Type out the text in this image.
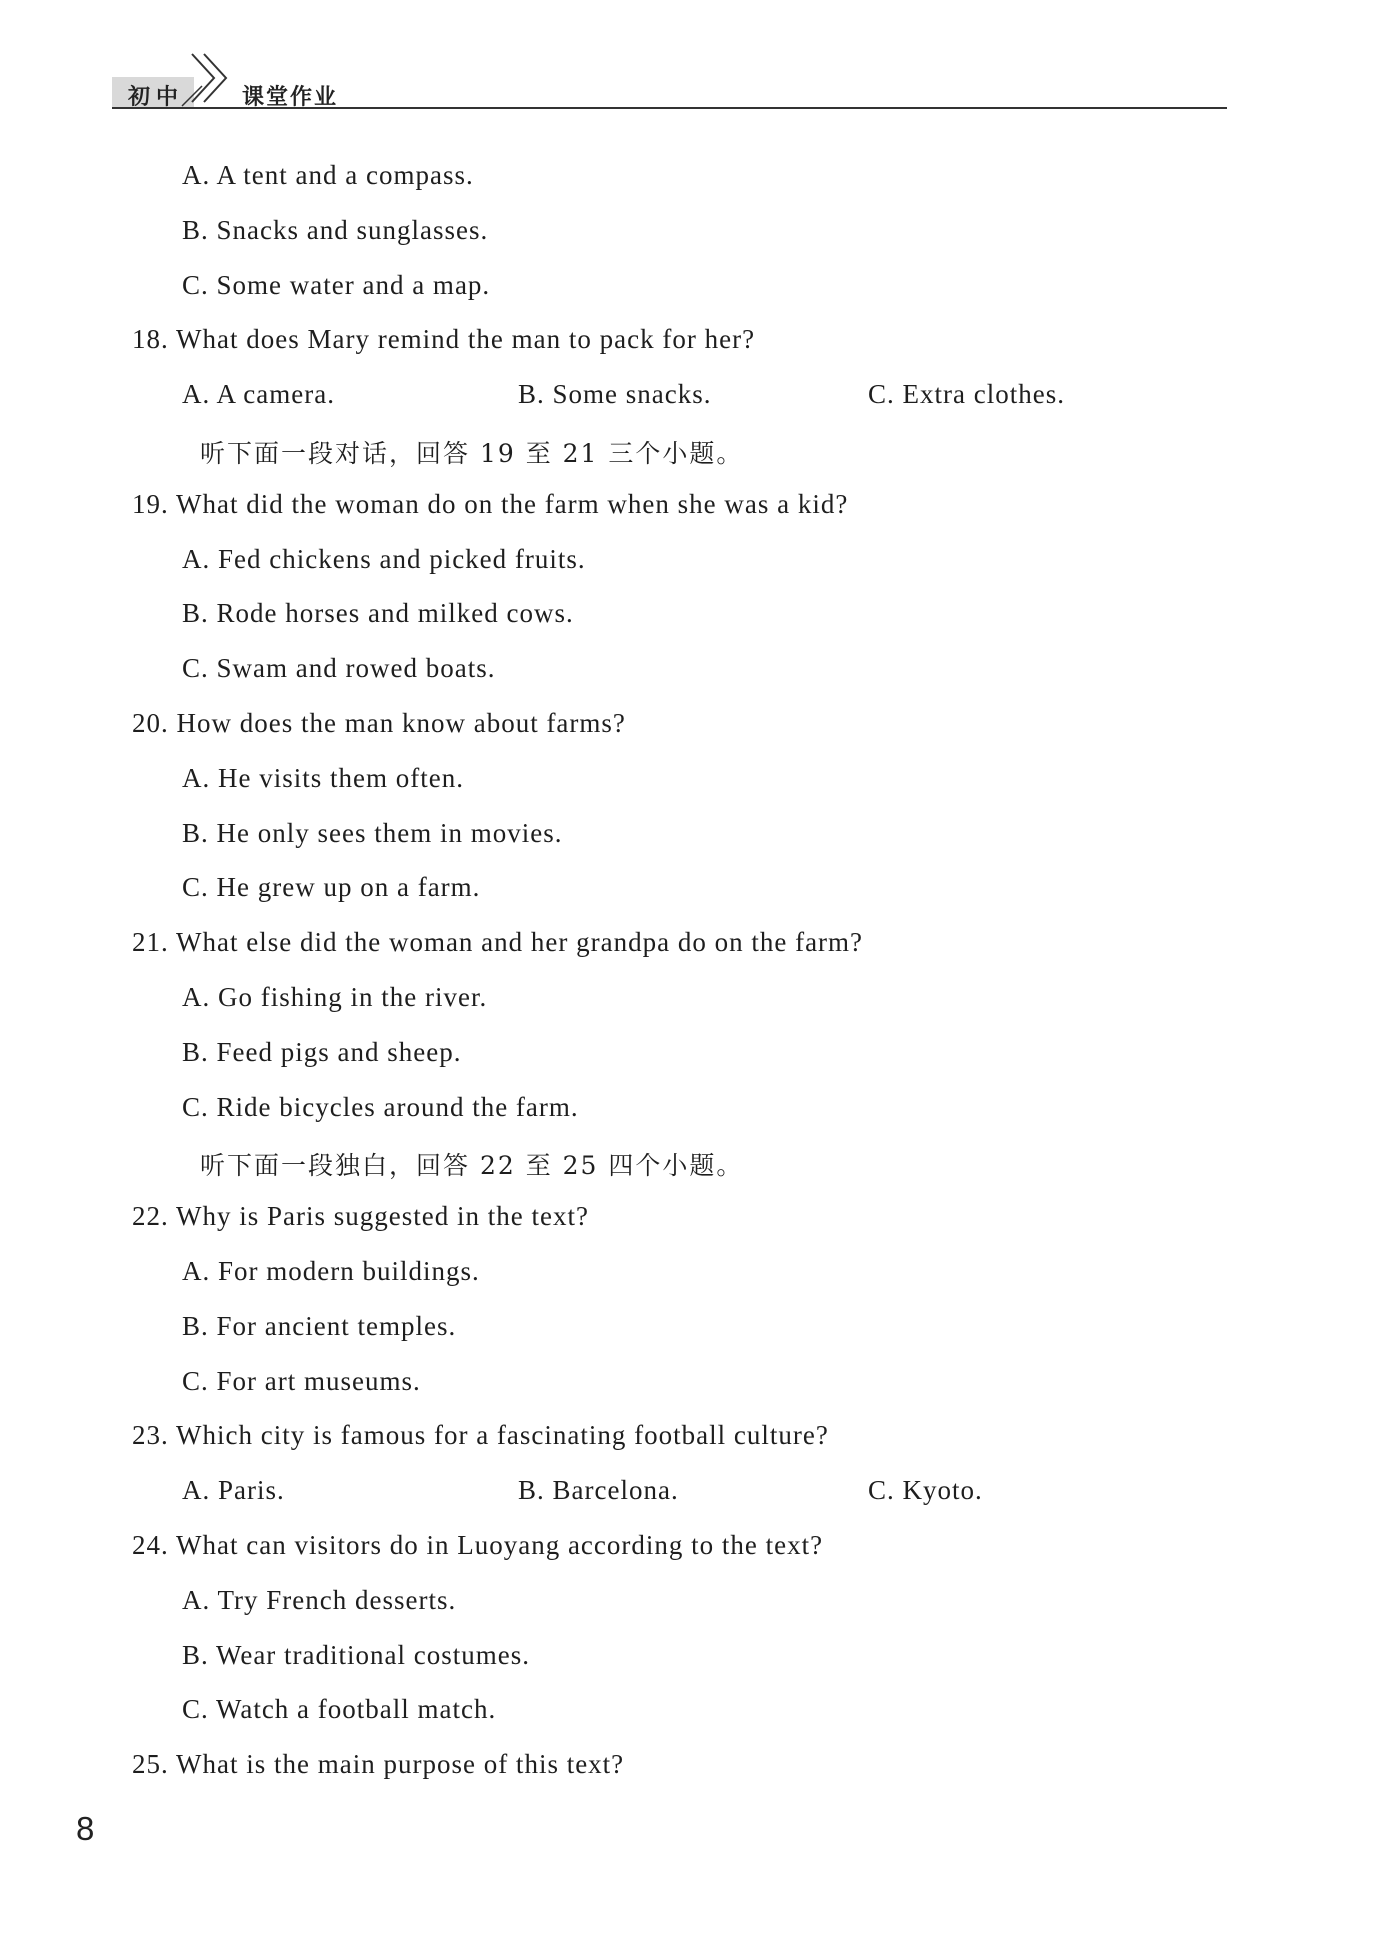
初中	课堂作业
A. A tent and a compass.
B. Snacks and sunglasses.
C. Some water and a map.
18. What does Mary remind the man to pack for her?
A. A camera.	B. Some snacks.	C. Extra clothes.
听下面一段对话，回答 19 至 21 三个小题。
19. What did the woman do on the farm when she was a kid?
A. Fed chickens and picked fruits.
B. Rode horses and milked cows.
C. Swam and rowed boats.
20. How does the man know about farms?
A. He visits them often.
B. He only sees them in movies.
C. He grew up on a farm.
21. What else did the woman and her grandpa do on the farm?
A. Go fishing in the river.
B. Feed pigs and sheep.
C. Ride bicycles around the farm.
听下面一段独白，回答 22 至 25 四个小题。
22. Why is Paris suggested in the text?
A. For modern buildings.
B. For ancient temples.
C. For art museums.
23. Which city is famous for a fascinating football culture?
A. Paris.	B. Barcelona.	C. Kyoto.
24. What can visitors do in Luoyang according to the text?
A. Try French desserts.
B. Wear traditional costumes.
C. Watch a football match.
25. What is the main purpose of this text?
8
